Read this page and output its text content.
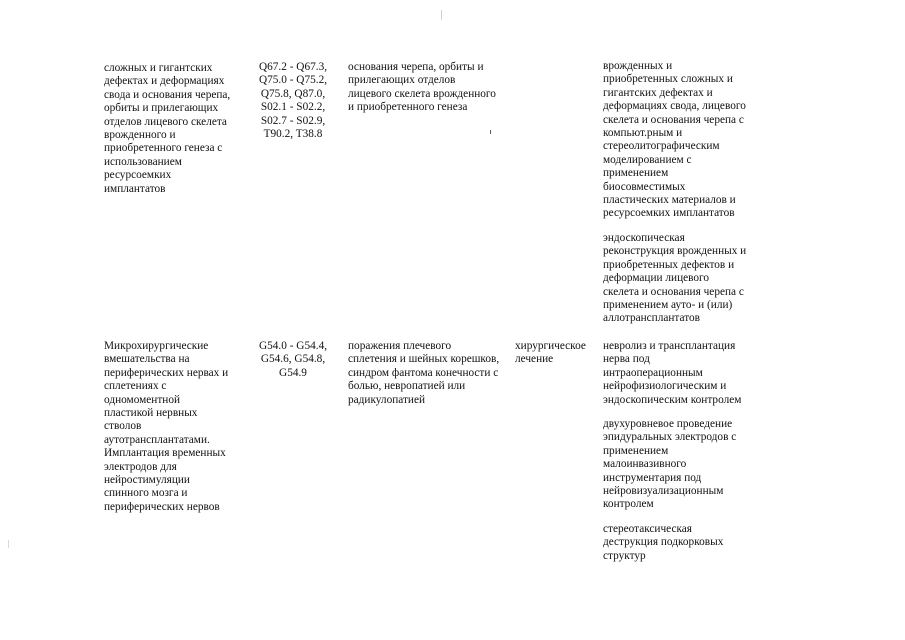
сложных и гигантских
дефектах и деформациях
свода и основания черепа,
орбиты и прилегающих
отделов лицевого скелета
врожденного и
приобретенного генеза с
использованием
ресурсоемких
имплантатов

Q67.2 - Q67.3,
Q75.0 - Q75.2,
Q75.8, Q87.0,
S02.1 - S02.2,
S02.7 - S02.9,
T90.2, T38.8

основания черепа, орбиты и
прилегающих отделов
лицевого скелета врожденного
и приобретенного генеза

врожденных и
приобретенных сложных и
гигантских дефектах и
деформациях свода, лицевого
скелета и основания черепа с
компьют.рным и
стереолитографическим
моделированием с
применением
биосовместимых
пластических материалов и
ресурсоемких имплантатов

эндоскопическая
реконструкция врожденных и
приобретенных дефектов и
деформации лицевого
скелета и основания черепа с
применением ауто- и (или)
аллотрансплантатов

Микрохирургические
вмешательства на
периферических нервах и
сплетениях с
одномоментной
пластикой нервных
стволов
аутотрансплантатами.
Имплантация временных
электродов для
нейростимуляции
спинного мозга и
периферических нервов

G54.0 - G54.4,
G54.6, G54.8,
G54.9

поражения плечевого
сплетения и шейных корешков,
синдром фантома конечности с
болью, невропатией или
радикулопатией

хирургическое
лечение

невролиз и трансплантация
нерва под
интраоперационным
нейрофизиологическим и
эндоскопическим контролем

двухуровневое проведение
эпидуральных электродов с
применением
малоинвазивного
инструментария под
нейровизуализационным
контролем

стереотаксическая
деструкция подкорковых
структур
